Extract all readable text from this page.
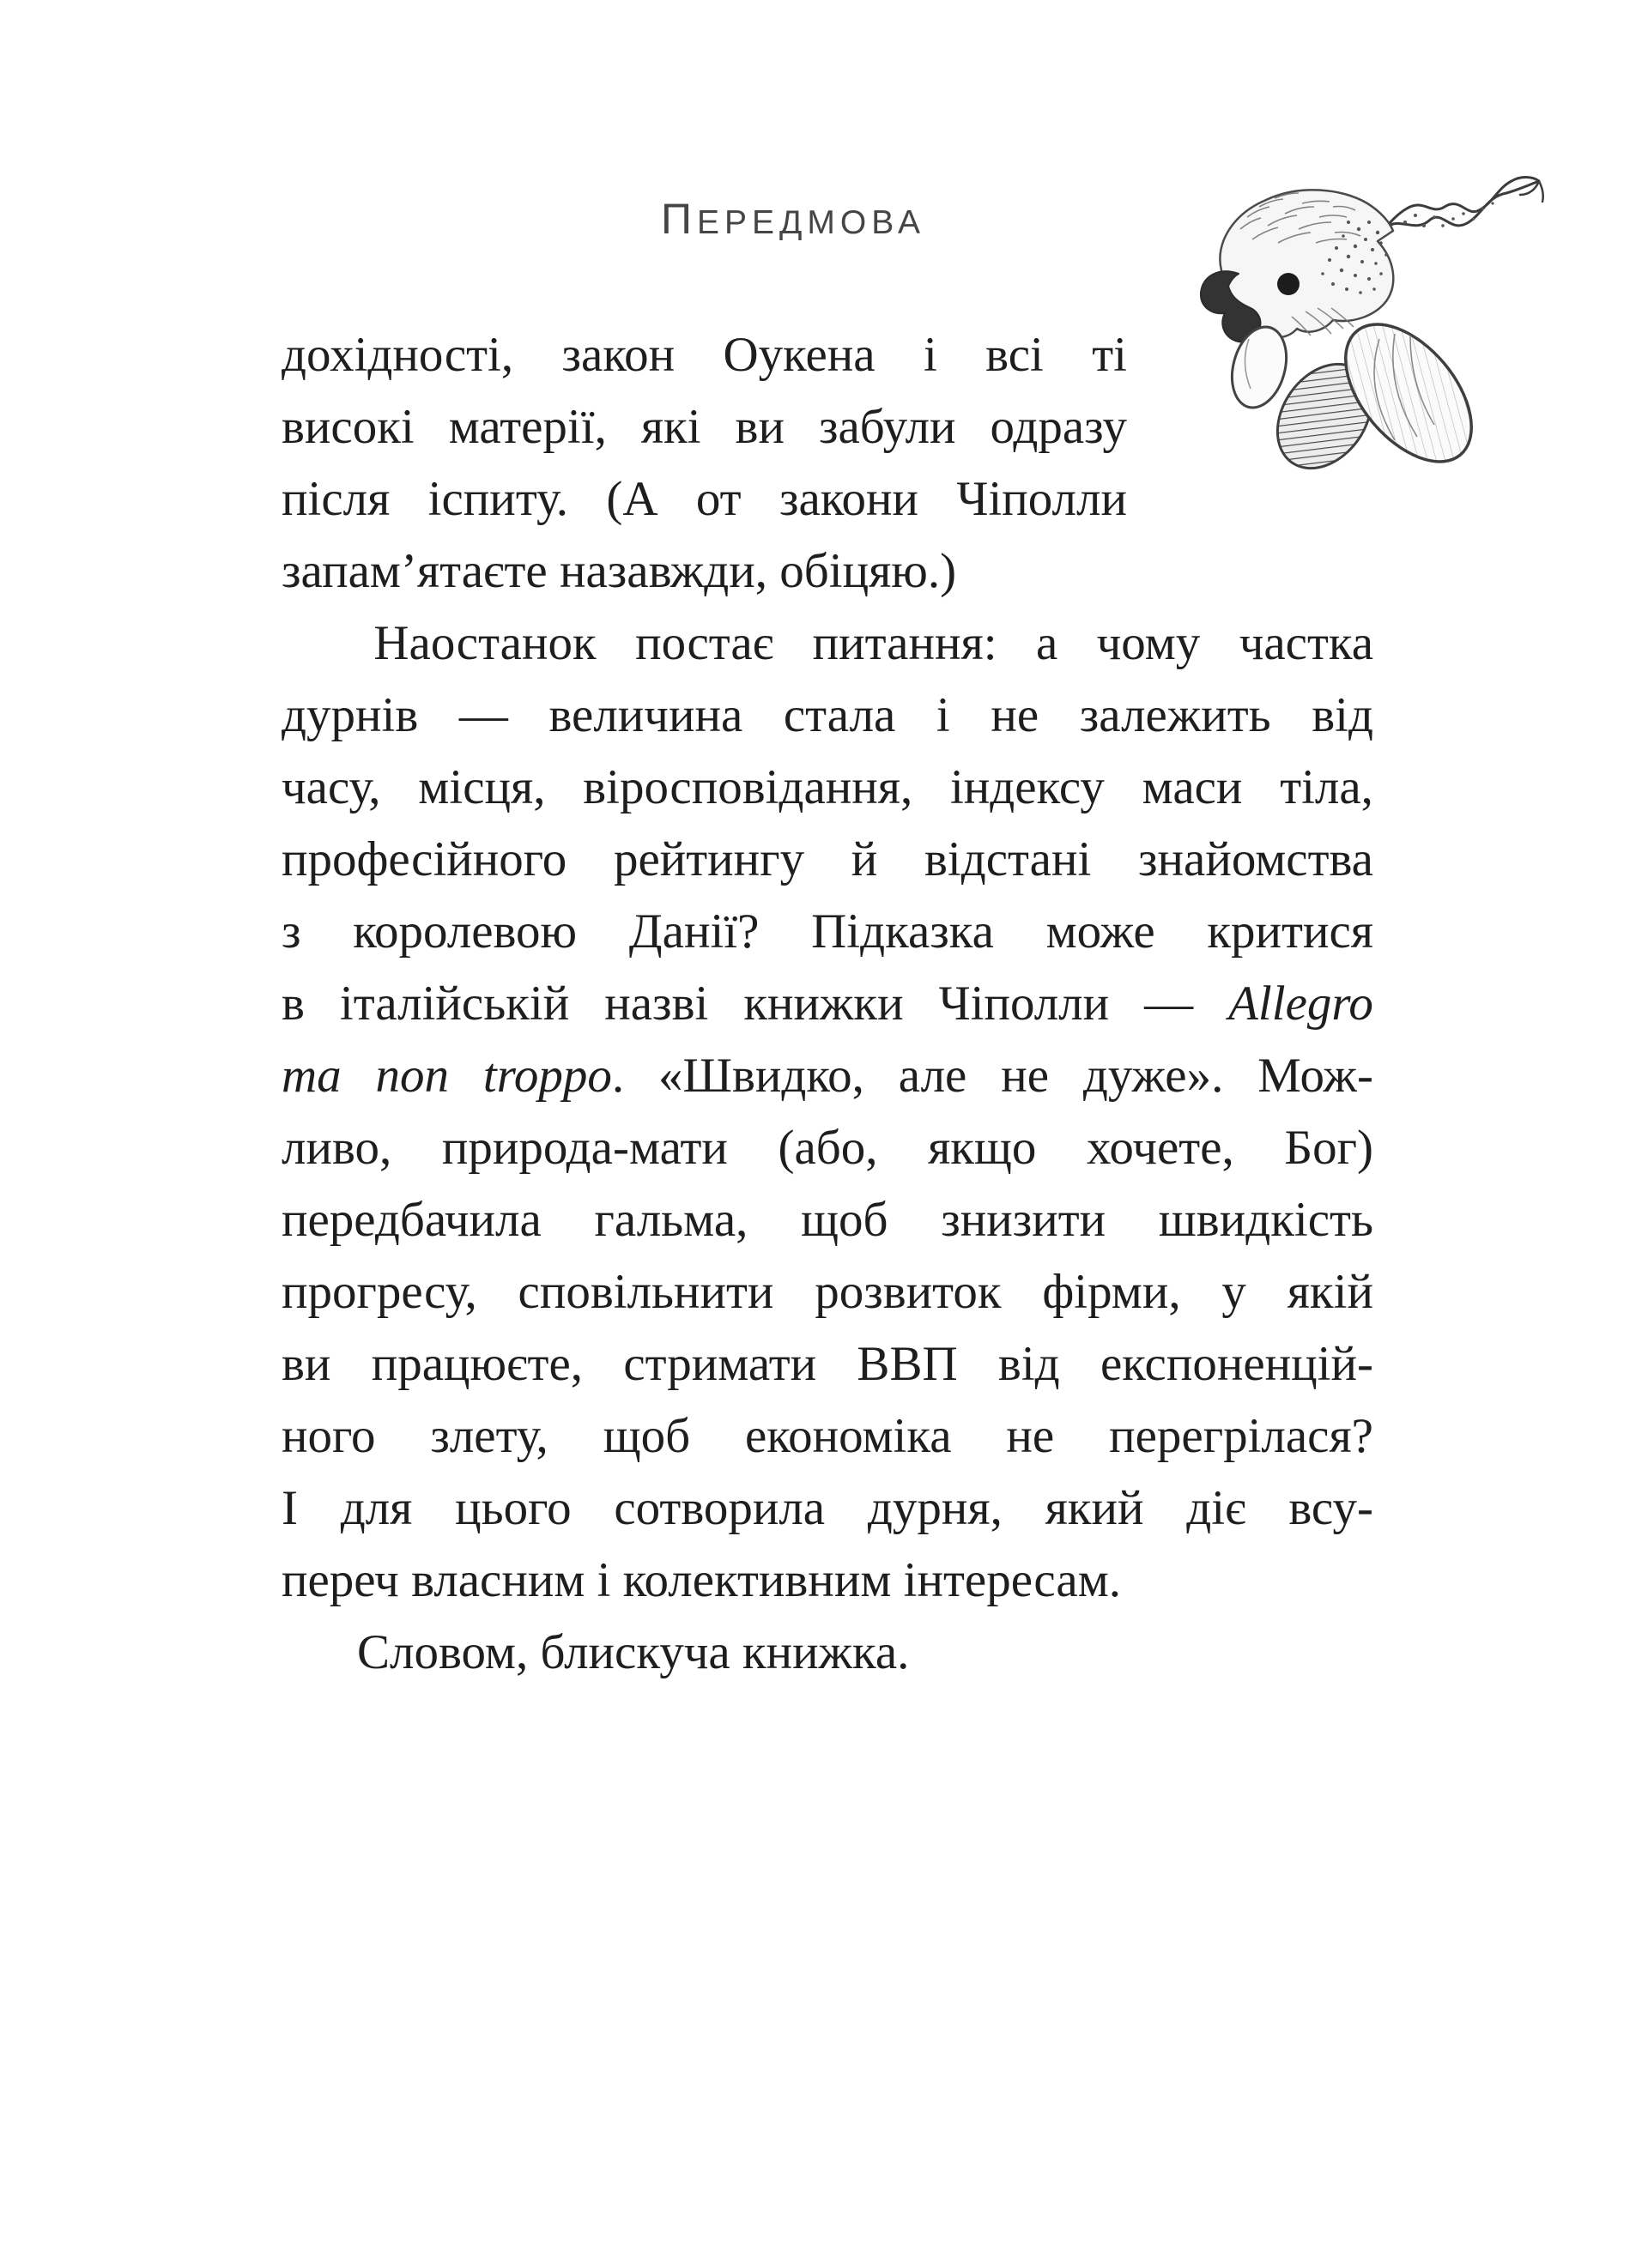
ПЕРЕДМОВА
дохідності, закон Оукена і всі ті
високі матерії, які ви забули одразу
після іспиту. (А от закони Чіполли
запам’ятаєте назавжди, обіцяю.)
Наостанок постає питання: а чому частка
дурнів — величина стала і не залежить від
часу, місця, віросповідання, індексу маси тіла,
професійного рейтингу й відстані знайомства
з королевою Данії? Підказка може критися
в італійській назві книжки Чіполли — Allegro
ma non troppo. «Швидко, але не дуже». Мож-
ливо, природа-мати (або, якщо хочете, Бог)
передбачила гальма, щоб знизити швидкість
прогресу, сповільнити розвиток фірми, у якій
ви працюєте, стримати ВВП від експоненцій-
ного злету, щоб економіка не перегрілася?
І для цього сотворила дурня, який діє всу-
переч власним і колективним інтересам.
Словом, блискуча книжка.
